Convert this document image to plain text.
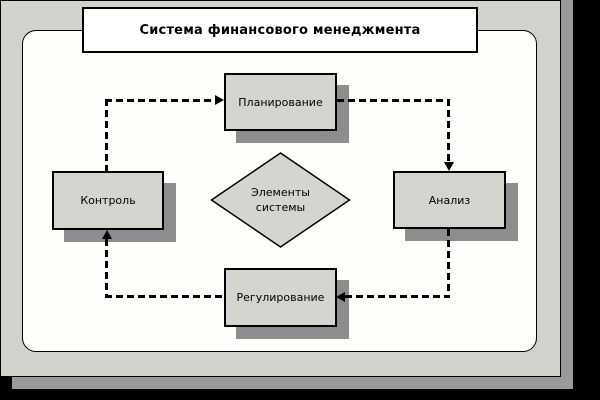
Планирование
Анализ
Контроль
Регулирование
Элементы
системы
Система финансового менеджмента
